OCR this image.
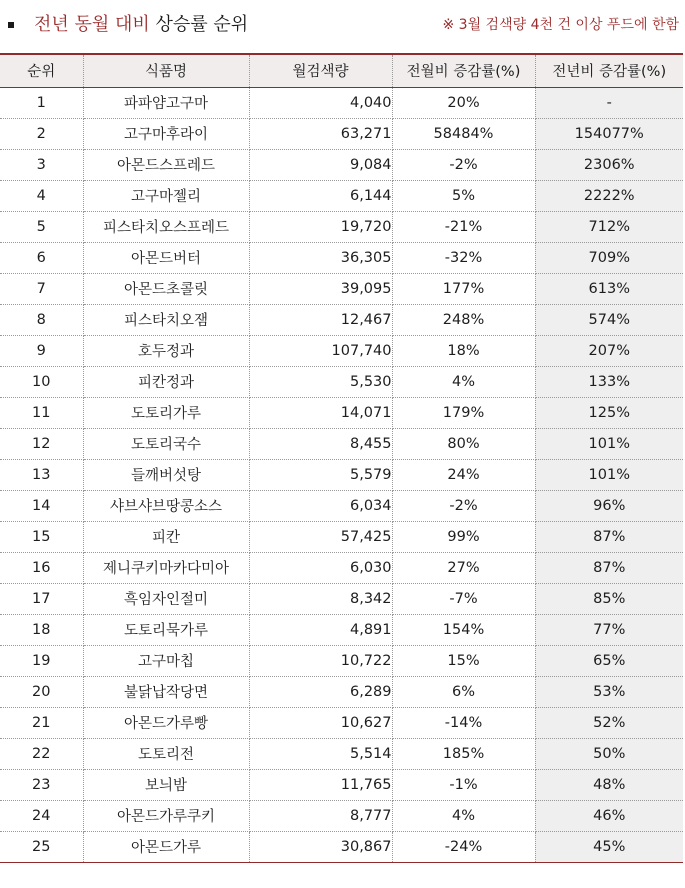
전년 동월 대비 상승률 순위	※ 3월 검색량 4천 건 이상 푸드에 한함
순위	식품명	월검색량	전월비 증감률(%)	전년비 증감률(%)
1	파파얌고구마	4,040	20%	-
2	고구마후라이	63,271	58484%	154077%
3	아몬드스프레드	9,084	-2%	2306%
4	고구마젤리	6,144	5%	2222%
5	피스타치오스프레드	19,720	-21%	712%
6	아몬드버터	36,305	-32%	709%
7	아몬드초콜릿	39,095	177%	613%
8	피스타치오잼	12,467	248%	574%
9	호두정과	107,740	18%	207%
10	피칸정과	5,530	4%	133%
11	도토리가루	14,071	179%	125%
12	도토리국수	8,455	80%	101%
13	들깨버섯탕	5,579	24%	101%
14	샤브샤브땅콩소스	6,034	-2%	96%
15	피칸	57,425	99%	87%
16	제니쿠키마카다미아	6,030	27%	87%
17	흑임자인절미	8,342	-7%	85%
18	도토리묵가루	4,891	154%	77%
19	고구마칩	10,722	15%	65%
20	불닭납작당면	6,289	6%	53%
21	아몬드가루빵	10,627	-14%	52%
22	도토리전	5,514	185%	50%
23	보늬밤	11,765	-1%	48%
24	아몬드가루쿠키	8,777	4%	46%
25	아몬드가루	30,867	-24%	45%
